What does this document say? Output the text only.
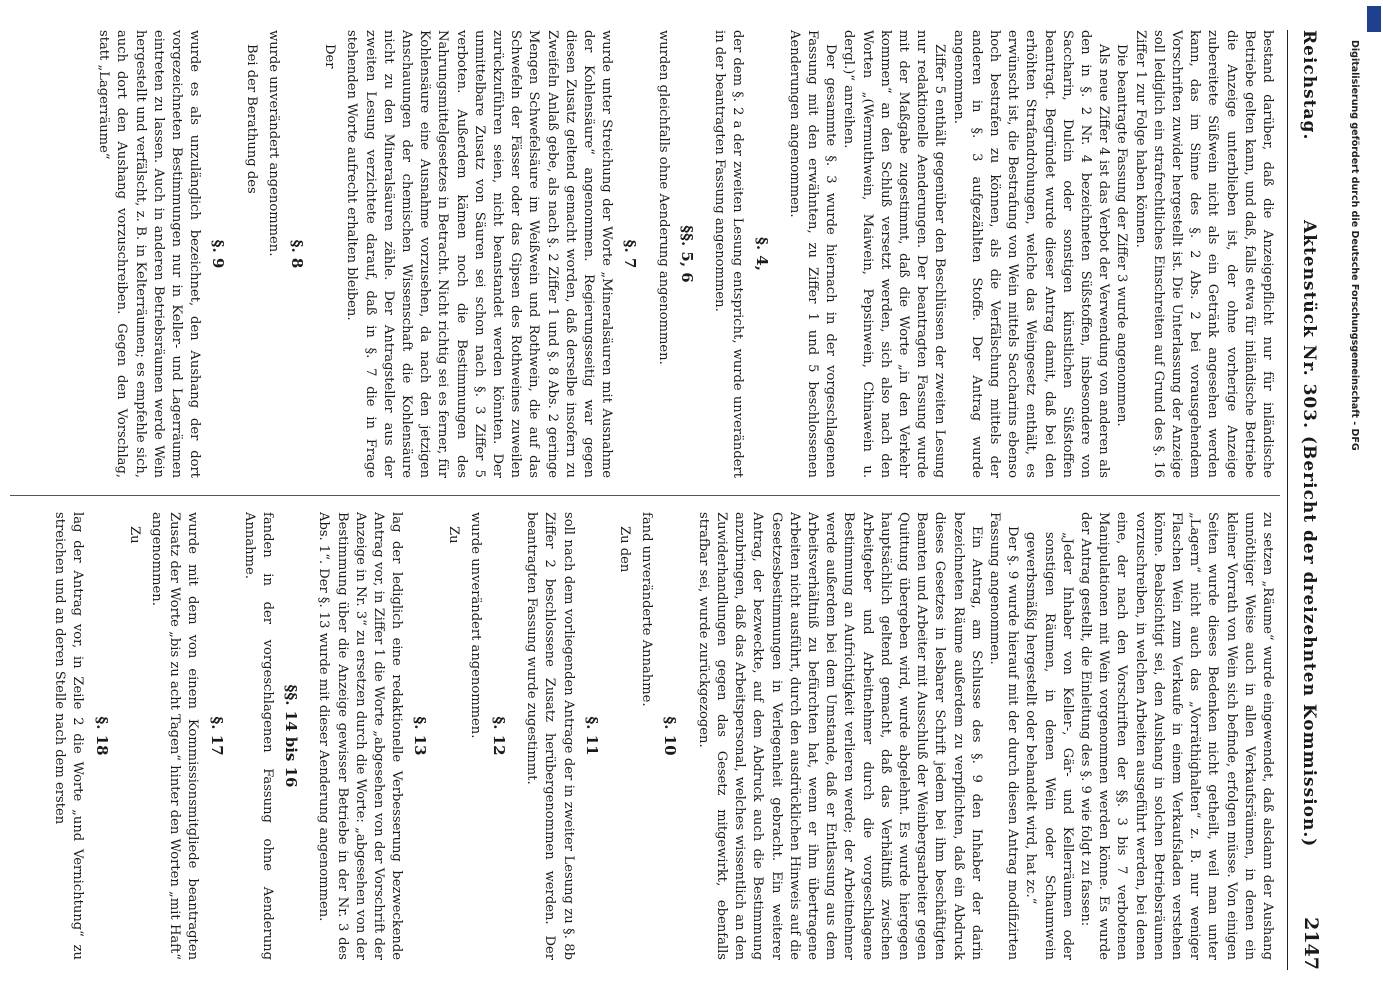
Reichstag.
Aktenstück Nr. 303. (Bericht der dreizehnten Kommission.)
2147
bestand darüber, daß die Anzeigepflicht nur für inländische Betriebe gelten kann, und daß, falls etwa für inländische Betriebe die Anzeige unterblieben ist, der ohne vorherige Anzeige zubereitete Süßwein nicht als ein Getränk angesehen werden kann, das im Sinne des §. 2 Abs. 2 bei vorausgehendem Vorschriften zuwider hergestellt ist. Die Unterlassung der Anzeige soll lediglich ein strafrechtliches Einschreiten auf Grund des §. 16 Ziffer 1 zur Folge haben können.
Die beantragte Fassung der Ziffer 3 wurde angenommen.
Als neue Ziffer 4 ist das Verbot der Verwendung von anderen als den in §. 2 Nr. 4 bezeichneten Süßstoffen, insbesondere von Saccharin, Dulcin oder sonstigen künstlichen Süßstoffen beantragt. Begründet wurde dieser Antrag damit, daß bei den erhöhten Strafandrohungen, welche das Weingesetz enthält, es erwünscht ist, die Bestrafung von Wein mittels Saccharins ebenso hoch bestrafen zu können, als die Verfälschung mittels der anderen in §. 3 aufgezählten Stoffe. Der Antrag wurde angenommen.
Ziffer 5 enthält gegenüber den Beschlüssen der zweiten Lesung nur redaktionelle Aenderungen. Der beantragten Fassung wurde mit der Maßgabe zugestimmt, daß die Worte „in den Verkehr kommen“ an den Schluß versetzt werden, sich also nach den Worten „(Wermuthwein, Maiwein, Pepsinwein, Chinawein u. dergl.)“ anreihen.
Der gesammte §. 3 wurde hiernach in der vorgeschlagenen Fassung mit den erwähnten, zu Ziffer 1 und 5 beschlossenen Aenderungen angenommen.
§. 4,
der dem §. 2 a der zweiten Lesung entspricht, wurde unverändert in der beantragten Fassung angenommen.
§§. 5, 6
wurden gleichfalls ohne Aenderung angenommen.
§. 7
wurde unter Streichung der Worte „Mineralsäuren mit Ausnahme der Kohlensäure“ angenommen. Regierungsseitig war gegen diesen Zusatz geltend gemacht worden, daß derselbe insofern zu Zweifeln Anlaß gebe, als nach §. 2 Ziffer 1 und §. 8 Abs. 2 geringe Mengen Schwefelsäure im Weißwein und Rothwein, die auf das Schwefeln der Fässer oder das Gipsen des Rothweines zuweilen zurückzuführen seien, nicht beanstandet werden könnten. Der unmittelbare Zusatz von Säuren sei schon nach §. 3 Ziffer 5 verboten. Außerdem kämen noch die Bestimmungen des Nahrungsmittelgesetzes in Betracht. Nicht richtig sei es ferner, für Kohlensäure eine Ausnahme vorzusehen, da nach den jetzigen Anschauungen der chemischen Wissenschaft die Kohlensäure nicht zu den Mineralsäuren zähle. Der Antragsteller aus der zweiten Lesung verzichtete darauf, daß in §. 7 die in Frage stehenden Worte aufrecht erhalten bleiben.
Der
§. 8
wurde unverändert angenommen.
Bei der Berathung des
§. 9
wurde es als unzulänglich bezeichnet, den Aushang der dort vorgezeichneten Bestimmungen nur in Keller- und Lagerräumen eintreten zu lassen. Auch in anderen Betriebsräumen werde Wein hergestellt und verfälscht, z. B. in Kelterräumen; es empfehle sich, auch dort den Aushang vorzuschreiben. Gegen den Vorschlag, statt „Lagerräume“
zu setzen „Räume“ wurde eingewendet, daß alsdann der Aushang unnöthiger Weise auch in allen Verkaufsräumen, in denen ein kleiner Vorrath von Wein sich befinde, erfolgen müsse. Von einigen Seiten wurde dieses Bedenken nicht getheilt, weil man unter „Lagern“ nicht auch das „Vorräthighalten“ z. B. nur weniger Flaschen Wein zum Verkaufe in einem Verkaufsladen verstehen könne. Beabsichtigt sei, den Aushang in solchen Betriebsräumen vorzuschreiben, in welchen Arbeiten ausgeführt werden, bei denen eine, der nach den Vorschriften der §§. 3 bis 7 verbotenen Manipulationen mit Wein vorgenommen werden könne. Es wurde der Antrag gestellt, die Einleitung des §. 9 wie folgt zu fassen:
„Jeder Inhaber von Keller-, Gär- und Kellerräumen oder sonstigen Räumen, in denen Wein oder Schaumwein gewerbsmäßig hergestellt oder behandelt wird, hat zc.“
Der §. 9 wurde hierauf mit der durch diesen Antrag modifizirten Fassung angenommen.
Ein Antrag, am Schlusse des §. 9 den Inhaber der darin bezeichneten Räume außerdem zu verpflichten, daß ein Abdruck dieses Gesetzes in lesbarer Schrift jedem bei ihm beschäftigten Beamten und Arbeiter mit Ausschluß der Weinbergsarbeiter gegen Quittung übergeben wird, wurde abgelehnt. Es wurde hiergegen hauptsächlich geltend gemacht, daß das Verhältniß zwischen Arbeitgeber und Arbeitnehmer durch die vorgeschlagene Bestimmung an Aufrichtigkeit verlieren werde; der Arbeitnehmer werde außerdem bei dem Umstande, daß er Entlassung aus dem Arbeitsverhältniß zu befürchten hat, wenn er ihm übertragene Arbeiten nicht ausführt, durch den ausdrücklichen Hinweis auf die Gesetzesbestimmungen in Verlegenheit gebracht. Ein weiterer Antrag, der bezweckte, auf dem Abdruck auch die Bestimmung anzubringen, daß das Arbeitspersonal, welches wissentlich an den Zuwiderhandlungen gegen das Gesetz mitgewirkt, ebenfalls strafbar sei, wurde zurückgezogen.
§. 10
fand unveränderte Annahme.
Zu den
§. 11
soll nach dem vorliegenden Antrage der in zweiter Lesung zu §. 8b Ziffer 2 beschlossene Zusatz herübergenommen werden. Der beantragten Fassung wurde zugestimmt.
§. 12
wurde unverändert angenommen.
Zu
§. 13
lag der lediglich eine redaktionelle Verbesserung bezweckende Antrag vor, in Ziffer 1 die Worte „abgesehen von der Vorschrift der Anzeige in Nr. 3“ zu ersetzen durch die Worte: „abgesehen von der Bestimmung über die Anzeige gewisser Betriebe in der Nr. 3 des Abs. 1“. Der §. 13 wurde mit dieser Aenderung angenommen.
§§. 14 bis 16
fanden in der vorgeschlagenen Fassung ohne Aenderung Annahme.
§. 17
wurde mit dem von einem Kommissionsmitgliede beantragten Zusatz der Worte „bis zu acht Tagen“ hinter den Worten „mit Haft“ angenommen.
Zu
§. 18
lag der Antrag vor, in Zeile 2 die Worte „und Vernichtung“ zu streichen und an deren Stelle nach dem ersten
Digitalisierung gefördert durch die Deutsche Forschungsgemeinschaft - DFG
